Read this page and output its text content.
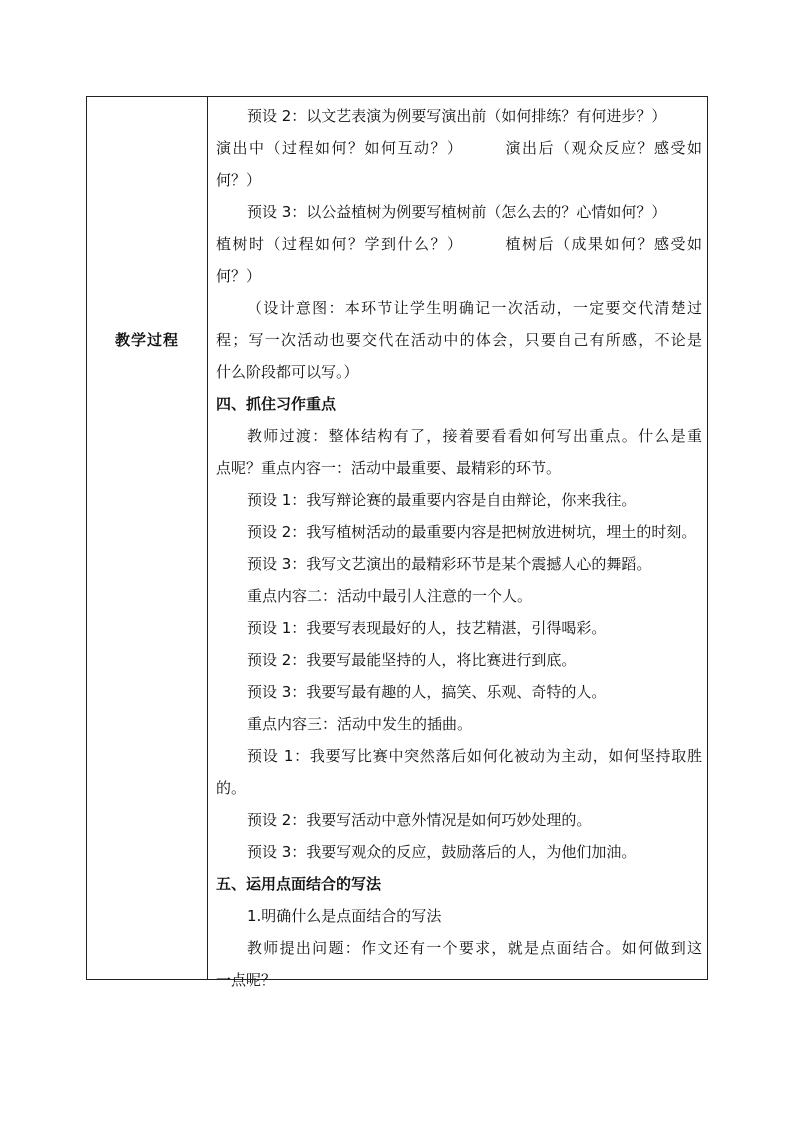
教学过程

预设 2：以文艺表演为例要写演出前（如何排练？有何进步？）

演出中（过程如何？如何互动？）　　　演出后（观众反应？感受如

何？）

预设 3：以公益植树为例要写植树前（怎么去的？心情如何？）

植树时（过程如何？学到什么？）　　　植树后（成果如何？感受如

何？）

（设计意图：本环节让学生明确记一次活动，一定要交代清楚过

程；写一次活动也要交代在活动中的体会，只要自己有所感，不论是

什么阶段都可以写。）

四、抓住习作重点

教师过渡：整体结构有了，接着要看看如何写出重点。什么是重

点呢？重点内容一：活动中最重要、最精彩的环节。

预设 1：我写辩论赛的最重要内容是自由辩论，你来我往。

预设 2：我写植树活动的最重要内容是把树放进树坑，埋土的时刻。

预设 3：我写文艺演出的最精彩环节是某个震撼人心的舞蹈。

重点内容二：活动中最引人注意的一个人。

预设 1：我要写表现最好的人，技艺精湛，引得喝彩。

预设 2：我要写最能坚持的人，将比赛进行到底。

预设 3：我要写最有趣的人，搞笑、乐观、奇特的人。

重点内容三：活动中发生的插曲。

预设 1：我要写比赛中突然落后如何化被动为主动，如何坚持取胜

的。

预设 2：我要写活动中意外情况是如何巧妙处理的。

预设 3：我要写观众的反应，鼓励落后的人，为他们加油。

五、运用点面结合的写法

1.明确什么是点面结合的写法

教师提出问题：作文还有一个要求，就是点面结合。如何做到这

一点呢？
